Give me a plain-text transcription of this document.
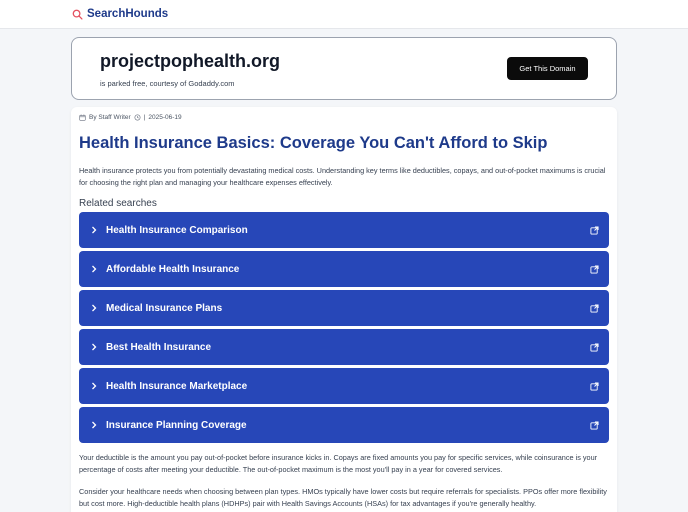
SearchHounds
projectpophealth.org
is parked free, courtesy of Godaddy.com
Get This Domain
By Staff Writer | 2025-06-19
Health Insurance Basics: Coverage You Can't Afford to Skip

Health insurance protects you from potentially devastating medical costs. Understanding key terms like deductibles, copays, and out-of-pocket maximums is crucial for choosing the right plan and managing your healthcare expenses effectively.

Related searches
Health Insurance Comparison
Affordable Health Insurance
Medical Insurance Plans
Best Health Insurance
Health Insurance Marketplace
Insurance Planning Coverage

Your deductible is the amount you pay out-of-pocket before insurance kicks in. Copays are fixed amounts you pay for specific services, while coinsurance is your percentage of costs after meeting your deductible. The out-of-pocket maximum is the most you'll pay in a year for covered services.

Consider your healthcare needs when choosing between plan types. HMOs typically have lower costs but require referrals for specialists. PPOs offer more flexibility but cost more. High-deductible health plans (HDHPs) pair with Health Savings Accounts (HSAs) for tax advantages if you're generally healthy.
